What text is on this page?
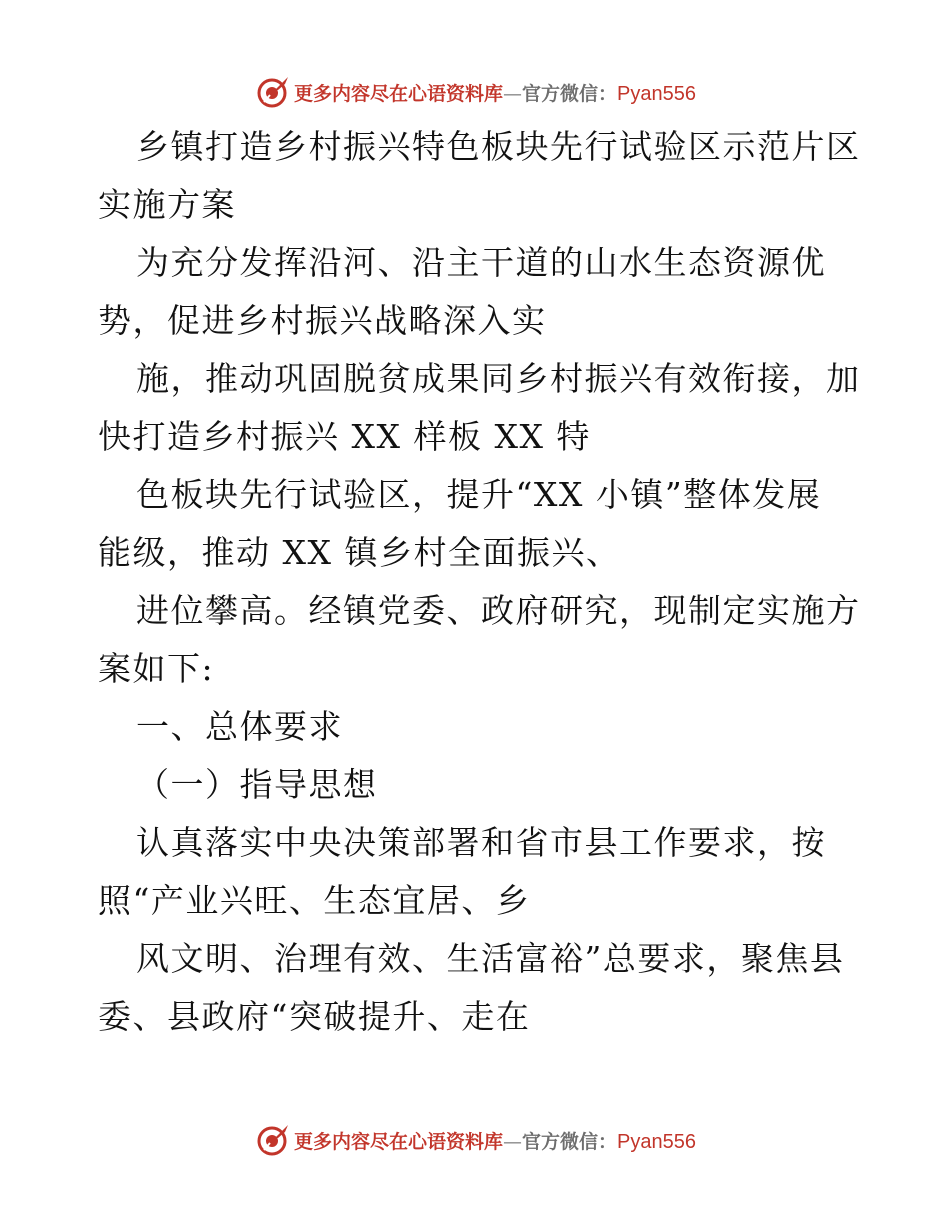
更多内容尽在心语资料库—官方微信：Pyan556
乡镇打造乡村振兴特色板块先行试验区示范片区
实施方案
为充分发挥沿河、沿主干道的山水生态资源优
势，促进乡村振兴战略深入实
施，推动巩固脱贫成果同乡村振兴有效衔接，加
快打造乡村振兴 XX 样板 XX 特
色板块先行试验区，提升“XX 小镇”整体发展
能级，推动 XX 镇乡村全面振兴、
进位攀高。经镇党委、政府研究，现制定实施方
案如下:
一、总体要求
（一）指导思想
认真落实中央决策部署和省市县工作要求，按
照“产业兴旺、生态宜居、乡
风文明、治理有效、生活富裕”总要求，聚焦县
委、县政府“突破提升、走在
更多内容尽在心语资料库—官方微信：Pyan556
